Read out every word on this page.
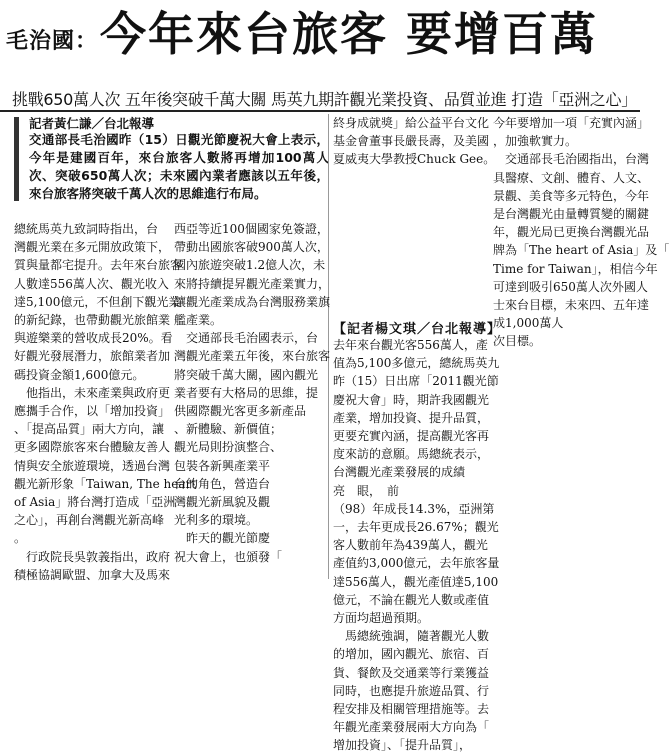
毛治國： 今年來台旅客 要增百萬
挑戰650萬人次 五年後突破千萬大關 馬英九期許觀光業投資、品質並進 打造「亞洲之心」
記者黃仁謙／台北報導
交通部長毛治國昨（15）日觀光節慶祝大會上表示，今年是建國百年，來台旅客人數將再增加100萬人次、突破650萬人次；未來國內業者應該以五年後，來台旅客將突破千萬人次的思維進行布局。
總統馬英九致詞時指出，台
灣觀光業在多元開放政策下，
質與量都宅提升。去年來台旅客
人數達556萬人次、觀光收入
達5,100億元，不但創下觀光業
的新紀錄，也帶動觀光旅館業
與遊樂業的營收成長20%。看
好觀光發展潛力，旅館業者加
碼投資金額1,600億元。
　他指出，未來產業與政府更
應攜手合作，以「增加投資」
、「提高品質」兩大方向，讓
更多國際旅客來台體驗友善人
情與安全旅遊環境，透過台灣
觀光新形象「Taiwan, The heart
of Asia」將台灣打造成「亞洲
之心」，再創台灣觀光新高峰
。
　行政院長吳敦義指出，政府
積極協調歐盟、加拿大及馬來
西亞等近100個國家免簽證，
帶動出國旅客破900萬人次，
國內旅遊突破1.2億人次，未
來將持續提昇觀光產業實力，
讓觀光產業成為台灣服務業旗
艦產業。
　交通部長毛治國表示，台
灣觀光產業五年後，來台旅客
將突破千萬大關，國內觀光
業者要有大格局的思維，提
供國際觀光客更多新產品
、新體驗、新價值；
觀光局則扮演整合、
包裝各新興產業平
台的角色，營造台
灣觀光新風貌及觀
光利多的環境。
　昨天的觀光節慶
祝大會上，也頒發「
終身成就獎」給公益平台文化
基金會董事長嚴長壽，及美國
夏威夷大學教授Chuck Gee。
【記者楊文琪／台北報導】
去年來台觀光客556萬人，產
值為5,100多億元，總統馬英九
昨（15）日出席「2011觀光節
慶祝大會」時，期許我國觀光
產業，增加投資、提升品質，
更要充實內涵，提高觀光客再
度來訪的意願。馬總統表示，
台灣觀光產業發展的成績
亮　眼，　前
（98）年成長14.3%，亞洲第
一，去年更成長26.67%；觀光
客人數前年為439萬人，觀光
產值約3,000億元，去年旅客量
達556萬人，觀光產值達5,100
億元，不論在觀光人數或產值
方面均超過預期。
　馬總統強調，隨著觀光人數
的增加，國內觀光、旅宿、百
貨、餐飲及交通業等行業獲益
同時，也應提升旅遊品質、行
程安排及相關管理措施等。去
年觀光產業發展兩大方向為「
增加投資」、「提升品質」，
今年要增加一項「充實內涵」
，加強軟實力。
　交通部長毛治國指出，台灣
具醫療、文創、體育、人文、
景觀、美食等多元特色，今年
是台灣觀光由量轉質變的關鍵
年，觀光局已更換台灣觀光品
牌為「The heart of Asia」及「
Time for Taiwan」，相信今年
可達到吸引650萬人次外國人
士來台目標，未來四、五年達
成1,000萬人
次目標。
